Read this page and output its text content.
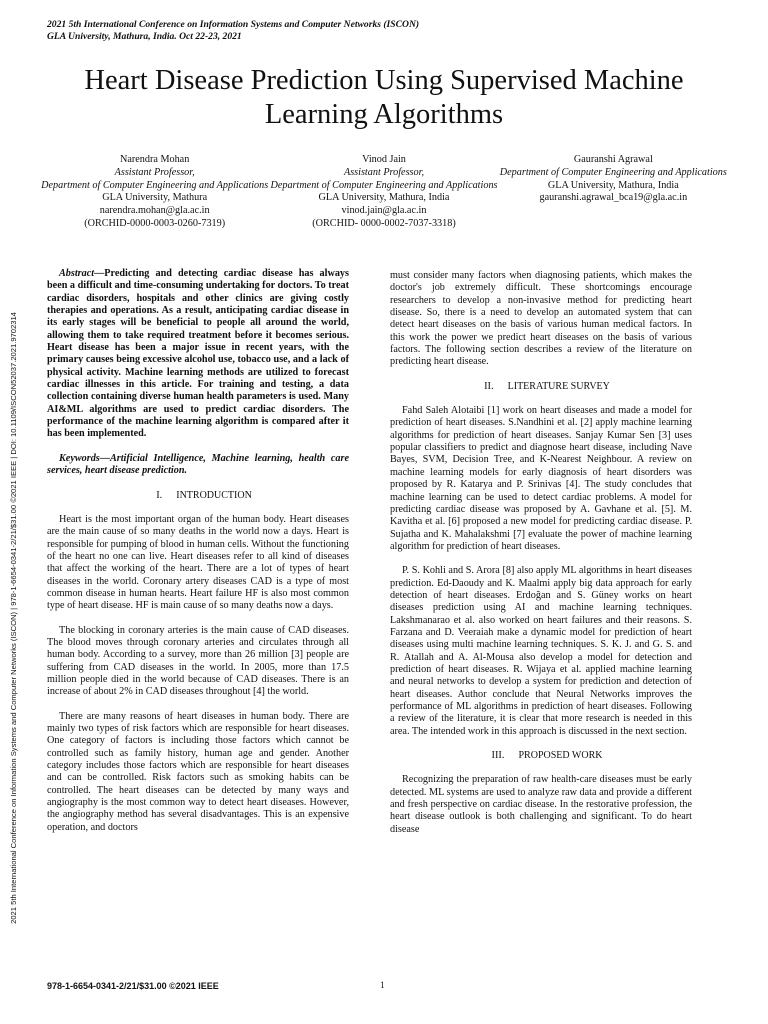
2021 5th International Conference on Information Systems and Computer Networks (ISCON)
GLA University, Mathura, India. Oct 22-23, 2021
Heart Disease Prediction Using Supervised Machine Learning Algorithms
Narendra Mohan
Assistant Professor,
Department of Computer Engineering and Applications
GLA University, Mathura
narendra.mohan@gla.ac.in
(ORCHID-0000-0003-0260-7319)
Vinod Jain
Assistant Professor,
Department of Computer Engineering and Applications
GLA University, Mathura, India
vinod.jain@gla.ac.in
(ORCHID- 0000-0002-7037-3318)
Gauranshi Agrawal
Department of Computer Engineering and Applications
GLA University, Mathura, India
gauranshi.agrawal_bca19@gla.ac.in
2021 5th International Conference on Information Systems and Computer Networks (ISCON) | 978-1-6654-0341-2/21/$31.00 ©2021 IEEE | DOI: 10.1109/ISCON52037.2021.9702314

Abstract—Predicting and detecting cardiac disease has always been a difficult and time-consuming undertaking for doctors. To treat cardiac disorders, hospitals and other clinics are giving costly therapies and operations. As a result, anticipating cardiac disease in its early stages will be beneficial to people all around the world, allowing them to take required treatment before it becomes serious. Heart disease has been a major issue in recent years, with the primary causes being excessive alcohol use, tobacco use, and a lack of physical activity. Machine learning methods are utilized to forecast cardiac illnesses in this article. For training and testing, a data collection containing diverse human health parameters is used. Many AI&ML algorithms are used to predict cardiac disorders. The performance of the machine learning algorithm is compared after it has been implemented.

Keywords—Artificial Intelligence, Machine learning, health care services, heart disease prediction.

I. INTRODUCTION

Heart is the most important organ of the human body. Heart diseases are the main cause of so many deaths in the world now a days. Heart is responsible for pumping of blood in human cells. Without the functioning of the heart no one can live. Heart diseases refer to all kind of diseases that affect the working of the heart. There are a lot of types of heart diseases in the world. Coronary artery diseases CAD is a type of most common disease in human hearts. Heart failure HF is also most common type of heart disease. HF is main cause of so many deaths now a days.

The blocking in coronary arteries is the main cause of CAD diseases. The blood moves through coronary arteries and circulates through all human body. According to a survey, more than 26 million [3] people are suffering from CAD diseases in the world. In 2005, more than 17.5 million people died in the world because of CAD diseases. There is an increase of about 2% in CAD diseases throughout [4] the world.

There are many reasons of heart diseases in human body. There are mainly two types of risk factors which are responsible for heart diseases. One category of factors is including those factors which cannot be controlled such as family history, human age and gender. Another category includes those factors which are responsible for heart diseases and can be controlled. Risk factors such as smoking habits can be controlled. The heart diseases can be detected by many ways and angiography is the most common way to detect heart diseases. However, the angiography method has several disadvantages. This is an expensive operation, and doctors

must consider many factors when diagnosing patients, which makes the doctor's job extremely difficult. These shortcomings encourage researchers to develop a non-invasive method for predicting heart disease. So, there is a need to develop an automated system that can detect heart diseases on the basis of various human medical factors. In this work the power we predict heart diseases on the basis of various factors. The following section describes a review of the literature on predicting heart disease.

II. LITERATURE SURVEY

Fahd Saleh Alotaibi [1] work on heart diseases and made a model for prediction of heart diseases. S.Nandhini et al. [2] apply machine learning algorithms for prediction of heart diseases. Sanjay Kumar Sen [3] uses popular classifiers to predict and diagnose heart disease, including Nave Bayes, SVM, Decision Tree, and K-Nearest Neighbour. A review on machine learning models for early diagnosis of heart disorders was proposed by R. Katarya and P. Srinivas [4]. The study concludes that machine learning can be used to detect cardiac problems. A model for predicting cardiac disease was proposed by A. Gavhane et al. [5]. M. Kavitha et al. [6] proposed a new model for predicting cardiac disease. P. Sujatha and K. Mahalakshmi [7] evaluate the power of machine learning algorithm for prediction of heart diseases.

P. S. Kohli and S. Arora [8] also apply ML algorithms in heart diseases prediction. Ed-Daoudy and K. Maalmi apply big data approach for early detection of heart diseases. Erdoğan and S. Güney works on heart diseases prediction using AI and machine learning techniques. Lakshmanarao et al. also worked on heart failures and their reasons. S. Farzana and D. Veeraiah make a dynamic model for prediction of heart diseases using multi machine learning techniques. S. K. J. and G. S. and R. Atallah and A. Al-Mousa also develop a model for detection and prediction of heart diseases. R. Wijaya et al. applied machine learning and neural networks to develop a system for prediction and detection of heart diseases. Author conclude that Neural Networks improves the performance of ML algorithms in prediction of heart diseases. Following a review of the literature, it is clear that more research is needed in this area. The intended work in this approach is discussed in the next section.

III. PROPOSED WORK

Recognizing the preparation of raw health-care diseases must be early detected. ML systems are used to analyze raw data and provide a different and fresh perspective on cardiac disease. In the restorative profession, the heart disease outlook is both challenging and significant. To do heart disease

978-1-6654-0341-2/21/$31.00 ©2021 IEEE	1
